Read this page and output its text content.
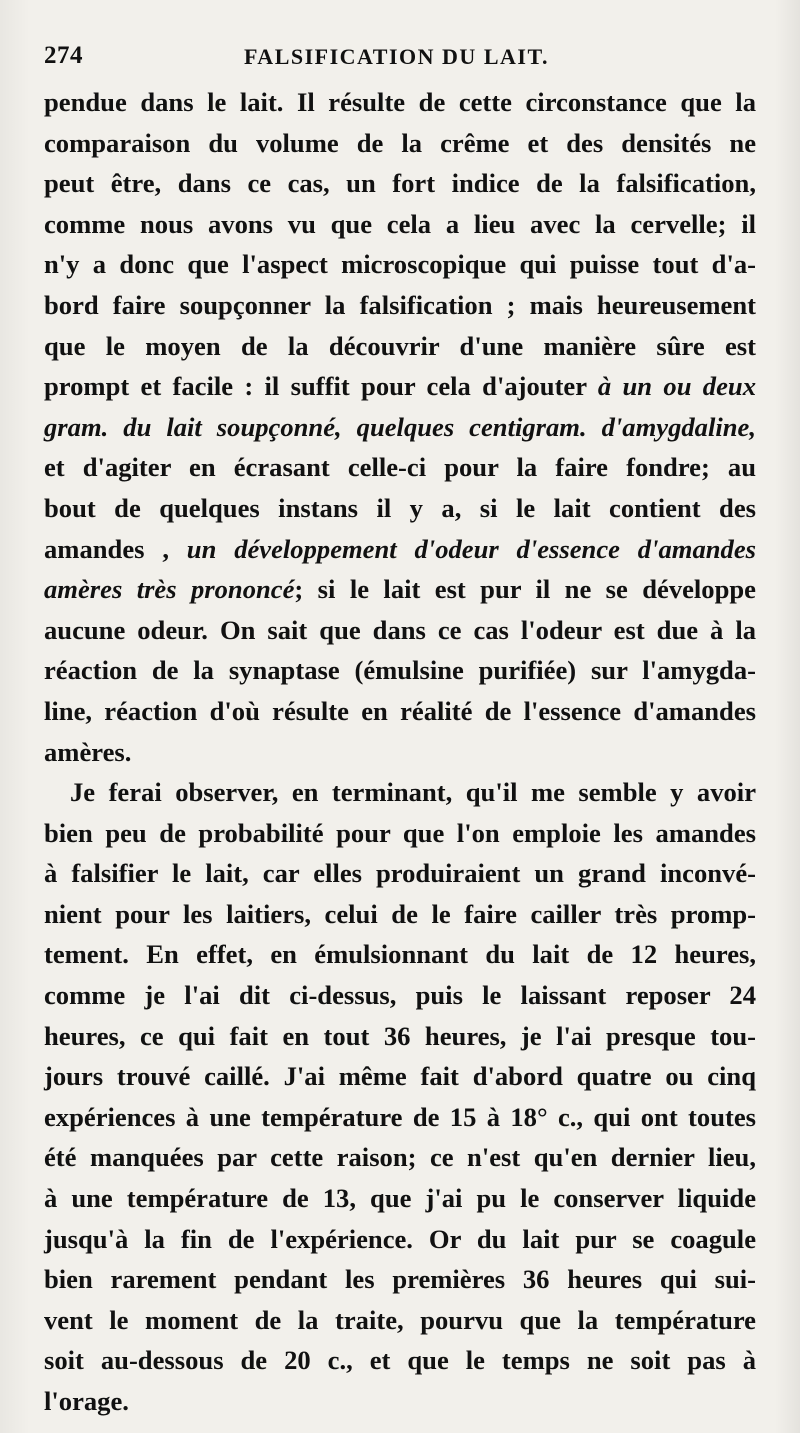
274	FALSIFICATION DU LAIT.
pendue dans le lait. Il résulte de cette circonstance que la
comparaison du volume de la crême et des densités ne
peut être, dans ce cas, un fort indice de la falsification,
comme nous avons vu que cela a lieu avec la cervelle; il
n'y a donc que l'aspect microscopique qui puisse tout d'a-
bord faire soupçonner la falsification ; mais heureusement
que le moyen de la découvrir d'une manière sûre est
prompt et facile : il suffit pour cela d'ajouter à un ou deux
gram. du lait soupçonné, quelques centigram. d'amygdaline,
et d'agiter en écrasant celle-ci pour la faire fondre; au
bout de quelques instans il y a, si le lait contient des
amandes , un développement d'odeur d'essence d'amandes
amères très prononcé; si le lait est pur il ne se développe
aucune odeur. On sait que dans ce cas l'odeur est due à la
réaction de la synaptase (émulsine purifiée) sur l'amygda-
line, réaction d'où résulte en réalité de l'essence d'amandes
amères.
Je ferai observer, en terminant, qu'il me semble y avoir
bien peu de probabilité pour que l'on emploie les amandes
à falsifier le lait, car elles produiraient un grand inconvé-
nient pour les laitiers, celui de le faire cailler très promp-
tement. En effet, en émulsionnant du lait de 12 heures,
comme je l'ai dit ci-dessus, puis le laissant reposer 24
heures, ce qui fait en tout 36 heures, je l'ai presque tou-
jours trouvé caillé. J'ai même fait d'abord quatre ou cinq
expériences à une température de 15 à 18° c., qui ont toutes
été manquées par cette raison; ce n'est qu'en dernier lieu,
à une température de 13, que j'ai pu le conserver liquide
jusqu'à la fin de l'expérience. Or du lait pur se coagule
bien rarement pendant les premières 36 heures qui sui-
vent le moment de la traite, pourvu que la température
soit au-dessous de 20 c., et que le temps ne soit pas à
l'orage.
